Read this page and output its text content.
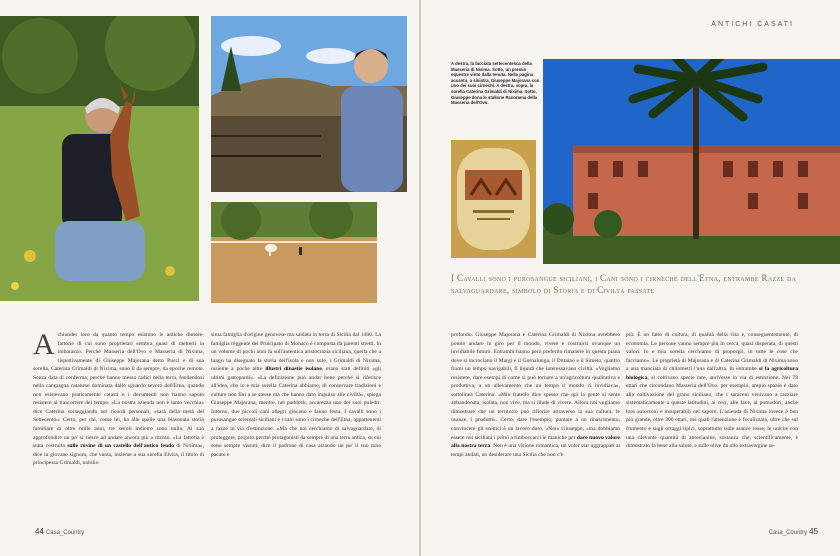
ANTICHI CASATI
A destra, la facciata settecentesca della Masseria di Nixima. Sotto, un premio equestre vinto dalla tenuta. Nella pagina accanto, a sinistra, Giuseppe Majorana con uno dei suoi cirnechi. A destra, sopra, la sorella Caterina Grimaldi di Nixima. Sotto, Giuseppe dona le stallone Panorama della Masseria dell'Ovo.
I Cavalli sono i purosangue siciliani, i Cani sono i cirneche dell'Etna, entrambe Razze da salvaguardare, simbolo di Storia e di Civiltà passate
Achiunder loro da quanto tempo esistono le antiche dimore-fattorie di cui sono proprietari sembra quasi di metterli in imbarazzo. Perché Masseria dell'Ovo e Masseria di Nixima, rispettivamente di Giuseppe Majorana detto Pucci e di sua sorella, Caterina Grimaldi di Nixima, sono lì da sempre, da epoche remote. Senza data di conferma, perché hanno messo radici nella terra, fondendosi nella campagna catanese dominata dallo sguardo severo dell'Etna, quando non esistevano praticamente catasti e i documenti non hanno saputo resistere al trascorrere del tempo. «La nostra azienda non è tanto vecchia» dice Caterina sorseggiando nei ricordi personali, «sarà della metà del Settecento». Certo, per chi, come lei, ha alle spalle una blasonata storia familiare di oltre mille anni, tre secoli indietro sono nulla. Al suo approfondire un po' si riesce ad andare ancora più a ritroso. «La fattoria è stata costruita sulle rovine di un castello dell'antico feudo di Nixima», dice la giovane signora, che vanta, insieme a sua sorella Elvira, il titolo di principessa Grimaldi, nobilis-
sima famiglia d'origine genovese ma saldata in terra di Sicilia dal 1400. La famiglia reggente del Principato di Monaco è composta da parenti stretti. In un volume di pochi anni fa sull'autentica aristocrazia siciliana, quella che a lungo ha disegnato la storia dell'isola e non solo, i Grimaldi di Nixima, insieme a poche altre illustri dinastie isolane, erano stati definiti «gli ultimi gattopardi». «La definizione può andar bene perché si riferisce all'idea, che io e mia sorella Caterina abbiamo, di conservare tradizioni e culture non fini a se stesse ma che hanno dato impulso alle civiltà», spiega Giuseppe Majorana, mentre, nel paddock, accarezza uno dei suoi puledri. Intorno, due piccoli cani allegri giocano e fanno festa. I cavalli sono i purosangue orientali siciliani e i cani sono i cirneche dell'Etna, appartenenti a razze in via d'estinzione. «Ma che noi cerchiamo di salvaguardare, di proteggere, proprio perché protagonisti da sempre di una terra antica, su cui sono sempre vissuti, dice il padrone di casa alzando un po' il suo tono pacato e
profondo. Giuseppe Majorana e Caterina Grimaldi di Nixima avrebbero potuto andare in giro per il mondo, vivere e costruirsi ovunque un invidiabile futuro. Entrambi hanno però preferito rimanere in questa piana dove si incrociano il Margi e il Gornalunga, il Dittaino e il Simeto, quattro fiumi un tempo navigabili, fi liquidi che interessavano civiltà. «Vogliamo resistere, dare esempi di come si può tornare a un'agricoltura qualitativa e produttiva, a un allevamento che un tempo il mondo ci invidiava», sottolinea Caterina. «Mio fratello dice spesso che qui la gente si sente abbandonata, isolata, non vive, ma si illude di vivere. Allora noi vogliamo dimostrare che un territorio può rifiorire attraverso la sua cultura, le usanze, i prodotti». Certo, dare l'esempio, puntare a un rinascimento, convincere gli scettici è un lavoro duro. «Noi» Giuseppe, «ma dobbiamo essere noi siciliani i primi a rimboccarci le maniche per dare nuovo valore alla nostra terra. Non è una visione romantica, un voler star aggrappati ai tempi andati, un desiderare una Sicilia che non c'è
più. È un fatto di cultura, di qualità della vita e, conseguentemente, di economia. Le persone vanno sempre più in cerca, quasi disperata, di questi valori. Io e mia sorella cerchiamo di proporgli, in tutte le cose che facciamo». Le proprietà di Majorana e di Caterina Grimaldi di Nixima sono a una manciata di chilometri l'una dall'altra. In entrambe si fa agricoltura biologica, si coltivano specie rare, anch'esse in via di estinzione. Nei 78 ettari che circondano Masseria dell'Ovo, per esempio, ampio spazio è dato alla coltivazione del grano siciliano, che i saraceni venivano a razziare sistematicamente a queste latitudini, ai ceci, alle fave, ai pomodori, anche loro autoctoni e insuperabili nel sapore. L'azienda di Nixima invece è ben più grande, oltre 300 ettari, nei quali l'attenzione è focalizzata, oltre che sul frumento e sugli ortaggi tipici, soprattutto sulle arance rosse, le uniche con una rilevante quantità di antocianine, sostanza che, scientificamente, è dimostrato fa bene alla salute, e sulle olive da olio extravergine se-
44 Casa_Country	Casa_Country 45
